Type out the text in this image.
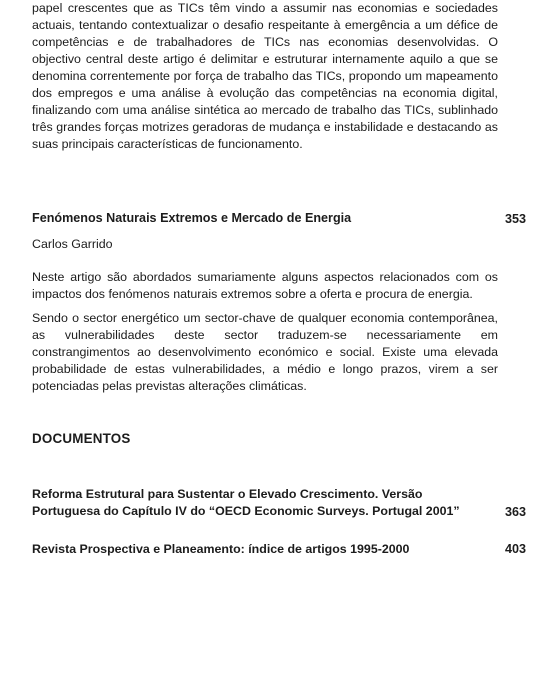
papel crescentes que as TICs têm vindo a assumir nas economias e sociedades actuais, tentando contextualizar o desafio respeitante à emergência a um défice de competências e de trabalhadores de TICs nas economias desenvolvidas. O objectivo central deste artigo é delimitar e estruturar internamente aquilo a que se denomina correntemente por força de trabalho das TICs, propondo um mapeamento dos empregos e uma análise à evolução das competências na economia digital, finalizando com uma análise sintética ao mercado de trabalho das TICs, sublinhado três grandes forças motrizes geradoras de mudança e instabilidade e destacando as suas principais características de funcionamento.

Fenómenos Naturais Extremos e Mercado de Energia	353
Carlos Garrido

Neste artigo são abordados sumariamente alguns aspectos relacionados com os impactos dos fenómenos naturais extremos sobre a oferta e procura de energia.

Sendo o sector energético um sector-chave de qualquer economia contemporânea, as vulnerabilidades deste sector traduzem-se necessariamente em constrangimentos ao desenvolvimento económico e social. Existe uma elevada probabilidade de estas vulnerabilidades, a médio e longo prazos, virem a ser potenciadas pelas previstas alterações climáticas.

DOCUMENTOS

Reforma Estrutural para Sustentar o Elevado Crescimento. Versão Portuguesa do Capítulo IV do “OECD Economic Surveys. Portugal 2001”	363

Revista Prospectiva e Planeamento: índice de artigos 1995-2000	403
